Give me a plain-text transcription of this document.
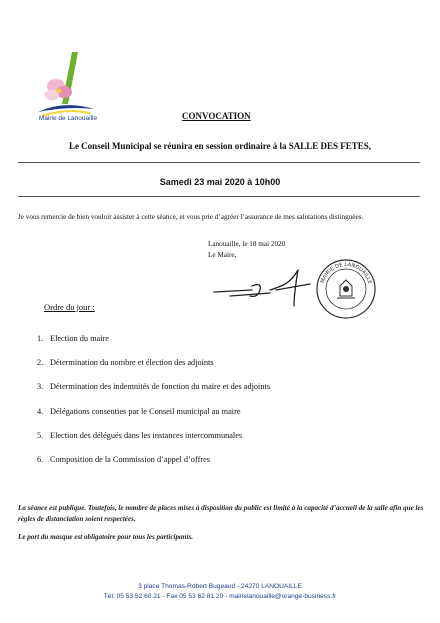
Mairie de Lanouaille	CONVOCATION
Le Conseil Municipal se réunira en session ordinaire à la SALLE DES FETES,
Samedi 23 mai 2020 à 10h00
Je vous remercie de bien vouloir assister à cette séance, et vous prie d’agréer l’assurance de mes salutations distinguées.
Lanouaille, le 18 mai 2020
Le Maire,
MAIRIE DE LANOUAILLE
Ordre du jour :
1. Election du maire
2. Détermination du nombre et élection des adjoints
3. Détermination des indemnités de fonction du maire et des adjoints
4. Délégations consenties par le Conseil municipal au maire
5. Election des délégués dans les instances intercommunales
6. Composition de la Commission d’appel d’offres
La séance est publique. Toutefois, le nombre de places mises à disposition du public est limité à la capacité d’accueil de la salle afin que les règles de distanciation soient respectées.
Le port du masque est obligatoire pour tous les participants.
3 place Thomas-Robert Bugeaud - 24270 LANOUAILLE
Tél. 05 53 52 60 21 - Fax 05 53 62 81 20 - mairielanouaille@orange-business.fr
